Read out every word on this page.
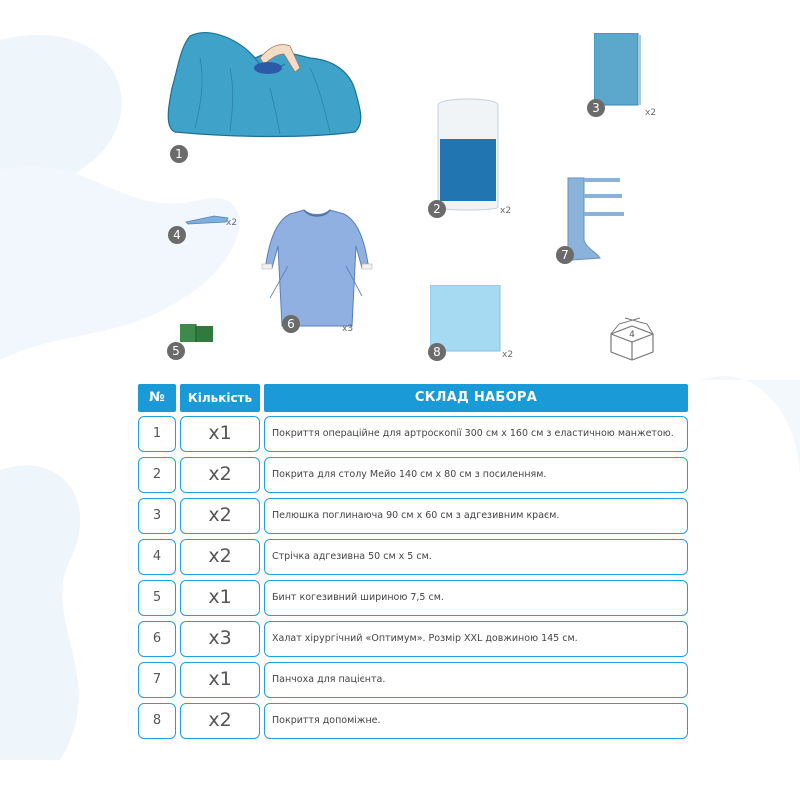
1
2	x2
3	x2
4
x2
5
6	x3
7
8	x2
4
№	Кількість	СКЛАД НАБОРА
1	x1	Покриття операційне для артроскопії 300 см х 160 см з еластичною манжетою.
2	x2	Покрита для столу Мейо 140 см х 80 см з посиленням.
3	x2	Пелюшка поглинаюча 90 см х 60 см з адгезивним краєм.
4	x2	Стрічка адгезивна 50 см х 5 см.
5	x1	Бинт когезивний шириною 7,5 см.
6	x3	Халат хірургічний «Оптимум». Розмір XXL довжиною 145 см.
7	x1	Панчоха для пацієнта.
8	x2	Покриття допоміжне.
